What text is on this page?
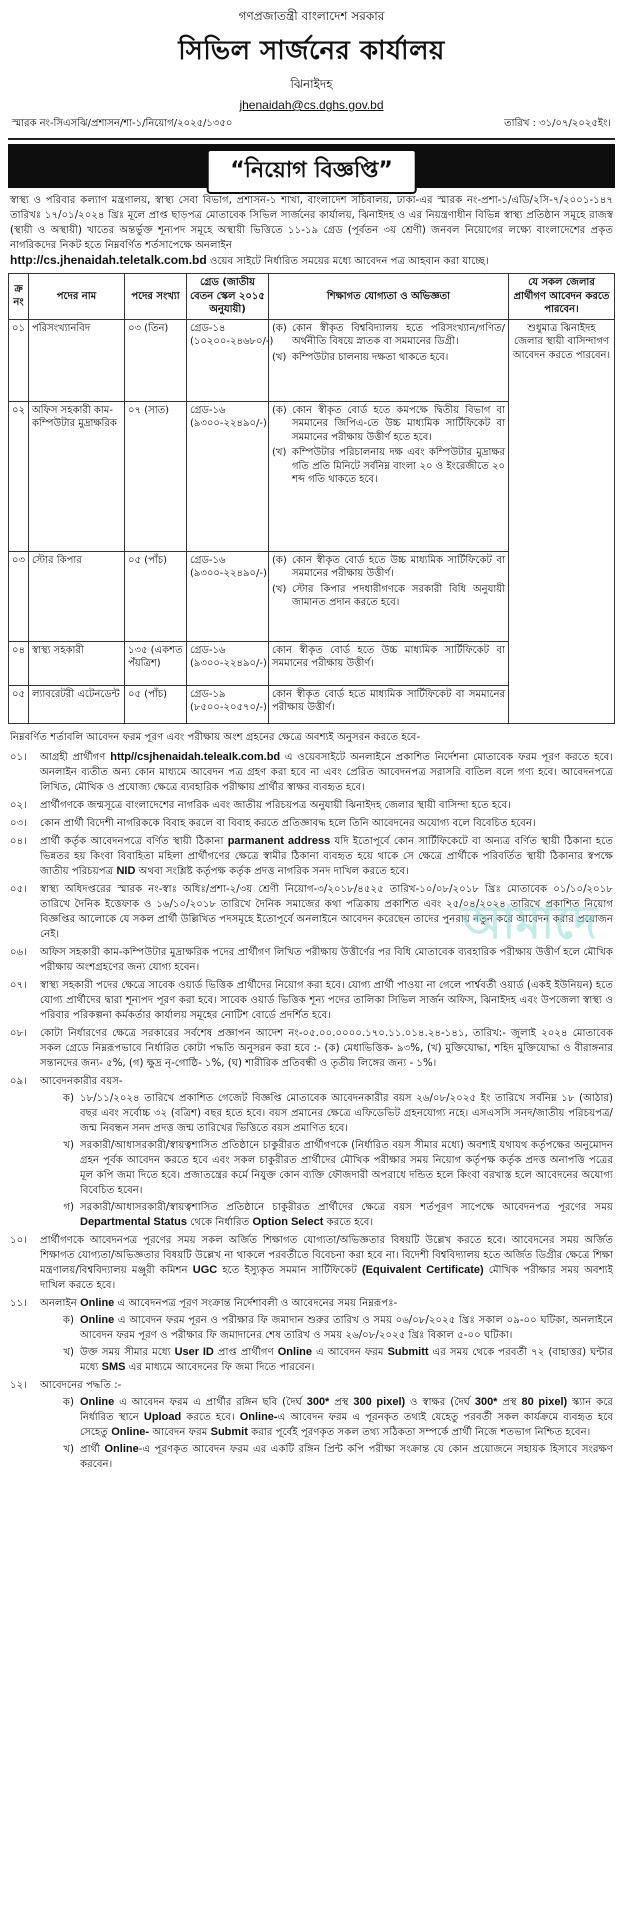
গণপ্রজাতন্ত্রী বাংলাদেশ সরকার
সিভিল সার্জনের কার্যালয়
ঝিনাইদহ
jhenaidah@cs.dghs.gov.bd
স্মারক নং-সিএসঝি/প্রশাসন/শা-১/নিয়োগ/২০২৫/১৩৫০	তারিখ : ৩১/০৭/২০২৫ইং।
“নিয়োগ বিজ্ঞপ্তি”
স্বাস্থ্য ও পরিবার কল্যাণ মন্ত্রণালয়, স্বাস্থ্য সেবা বিভাগ, প্রশাসন-১ শাখা, বাংলাদেশ সচিবালয়, ঢাকা-এর স্মারক নং-প্রশা-১/এডি/২সি-৭/২০০১-১৪৭ তারিখঃ ১৭/০১/২০২৪ খ্রিঃ মূলে প্রাপ্ত ছাড়পত্র মোতাবেক সিভিল সার্জনের কার্যালয়, ঝিনাইদহ ও এর নিয়ন্ত্রণাধীন বিভিন্ন স্বাস্থ্য প্রতিষ্ঠান সমূহে রাজস্ব (স্থায়ী ও অস্থায়ী) খাতের অন্তর্ভুক্ত শূন্যপদ সমূহে অস্থায়ী ভিত্তিতে ১১-১৯ গ্রেড (পূর্বতন ৩য় শ্রেণী) জনবল নিয়োগের লক্ষ্যে বাংলাদেশের প্রকৃত নাগরিকদের নিকট হতে নিম্নবর্ণিত শর্তসাপেক্ষে অনলাইন
http://cs.jhenaidah.teletalk.com.bd ওয়েব সাইটে নির্ধারিত সময়ের মধ্যে আবেদন পত্র আহবান করা যাচ্ছে।
ক্র নং	পদের নাম	পদের সংখ্যা	গ্রেড (জাতীয় বেতন স্কেল ২০১৫ অনুযায়ী)	শিক্ষাগত যোগ্যতা ও অভিজ্ঞতা	যে সকল জেলার প্রার্থীগণ আবেদন করতে পারবেন।
০১	পরিসংখ্যানবিদ	০৩ (তিন)	গ্রেড-১৪ (১০২০০-২৪৬৮০/-)	(ক) কোন স্বীকৃত বিশ্ববিদ্যালয় হতে পরিসংখ্যান/গণিত/ অর্থনীতি বিষয়ে স্নাতক বা সমমানের ডিগ্রী।
(খ) কম্পিউটার চালনায় দক্ষতা থাকতে হবে।	শুধুমাত্র ঝিনাইদহ জেলার স্থায়ী বাসিন্দাগণ আবেদন করতে পারবেন।
০২	অফিস সহকারী কাম-কম্পিউটার মুদ্রাক্ষরিক	০৭ (সাত)	গ্রেড-১৬ (৯৩০০-২২৪৯০/-)	(ক) কোন স্বীকৃত বোর্ড হতে কমপক্ষে দ্বিতীয় বিভাগ বা সমমানের জিপিএ-তে উচ্চ মাধ্যমিক সার্টিফিকেট বা সমমানের পরীক্ষায় উত্তীর্ণ হতে হবে।
(খ) কম্পিউটার পরিচালনায় দক্ষ এবং কম্পিউটার মুদ্রাক্ষর গতি প্রতি মিনিটে সর্বনিম্ন বাংলা ২০ ও ইংরেজীতে ২০ শব্দ গতি থাকতে হবে।	

০৩	স্টোর কিপার	০৫ (পাঁচ)	গ্রেড-১৬ (৯৩০০-২২৪৯০/-)	(ক) কোন স্বীকৃত বোর্ড হতে উচ্চ মাধ্যমিক সার্টিফিকেট বা সমমানের পরীক্ষায় উত্তীর্ণ।
(খ) স্টোর কিপার পদধারীগণকে সরকারী বিধি অনুযায়ী জামানত প্রদান করতে হবে।	

০৪	স্বাস্থ্য সহকারী	১৩৫ (একশত পঁয়ত্রিশ)	গ্রেড-১৬ (৯৩০০-২২৪৯০/-)	কোন স্বীকৃত বোর্ড হতে উচ্চ মাধ্যমিক সার্টিফিকেট বা সমমানের পরীক্ষায় উত্তীর্ণ।	

০৫	ল্যাবরেটরী এটেনডেন্ট	০৫ (পাঁচ)	গ্রেড-১৯ (৮৫০০-২০৫৭০/-)	কোন স্বীকৃত বোর্ড হতে মাধ্যমিক সার্টিফিকেট বা সমমানের পরীক্ষায় উত্তীর্ণ।	
নিম্নবর্ণিত শর্তাবলি আবেদন ফরম পূরণ এবং পরীক্ষায় অংশ গ্রহনের ক্ষেত্রে অবশ্যই অনুসরন করতে হবে-
০১।	আগ্রহী প্রার্থীগণ http//csjhenaidah.teleaIk.com.bd এ ওয়েবসাইটে অনলাইনে প্রকাশিত নির্দেশনা মোতাবেক ফরম পূরণ করতে হবে। অনলাইন ব্যতীত অন্য কোন মাধ্যমে আবেদন পত্র গ্রহণ করা হবে না এবং প্রেরিত আবেদনপত্র সরাসরি বাতিল বলে গণ্য হবে। আবেদনপত্রে লিখিত, মৌখিক ও প্রযোজ্য ক্ষেত্রে ব্যবহারিক পরীক্ষায় প্রার্থীর স্বাক্ষর ব্যবহৃত হবে।
০২।	প্রার্থীগণকে জন্মসূত্রে বাংলাদেশের নাগরিক এবং জাতীয় পরিচয়পত্র অনুযায়ী ঝিনাইদহ জেলার স্থায়ী বাসিন্দা হতে হবে।
০৩।	কোন প্রার্থী বিদেশী নাগরিককে বিবাহ করলে বা বিবাহ করতে প্রতিজ্ঞাবদ্ধ হলে তিনি আবেদনের অযোগ্য বলে বিবেচিত হবেন।
০৪।	প্রার্থী কর্তৃক আবেদনপত্রে বর্ণিত স্থায়ী ঠিকানা parmanent address যদি ইতোপূর্বে কোন সার্টিফিকেটে বা অন্যত্র বর্ণিত স্থায়ী ঠিকানা হতে ভিন্নতর হয় কিংবা বিবাহিতা মহিলা প্রার্থীগণের ক্ষেত্রে স্বামীর ঠিকানা ব্যবহৃত হয়ে থাকে সে ক্ষেত্রে প্রার্থীকে পরিবর্তিত স্থায়ী ঠিকানার স্বপক্ষে জাতীয় পরিচয়পত্র NID অথবা সংশ্লিষ্ট কর্তৃপক্ষ কর্তৃক প্রদত্ত নাগরিক সনদ দাখিল করতে হবে।
০৫।	স্বাস্থ্য অধিদপ্তরের স্মারক নং-স্বাঃ অধিঃ/প্রশা-২/৩য় শ্রেণী নিয়োগ-৩/২০১৮/৪৫২৫ তারিখ-১০/০৮/২০১৮ খ্রিঃ মোতাবেক ০১/১০/২০১৮ তারিখে দৈনিক ইত্তেফাক ও ১৬/১০/২০১৮ তারিখে দৈনিক সমাজের কথা পত্রিকায় প্রকাশিত এবং ২৫/০৪/২০২৪ তারিখে প্রকাশিত নিয়োগ বিজ্ঞপ্তির আলোকে যে সকল প্রার্থী উল্লিখিত পদসমূহে ইতোপূর্বে অনলাইনে আবেদন করেছেন তাদের পুনরায় নতুন করে আবেদন করার প্রয়োজন নেই।
০৬।	অফিস সহকারী কাম-কম্পিউটার মুদ্রাক্ষরিক পদের প্রার্থীগণ লিখিত পরীক্ষায় উত্তীর্ণের পর বিধি মোতাবেক ব্যবহারিক পরীক্ষায় উত্তীর্ণ হলে মৌখিক পরীক্ষায় অংশগ্রহণের জন্য যোগ্য হবেন।
০৭।	স্বাস্থ্য সহকারী পদের ক্ষেত্রে সাবেক ওয়ার্ড ভিত্তিক প্রার্থীদের নিয়োগ করা হবে। যোগ্য প্রার্থী পাওয়া না গেলে পার্শ্ববর্তী ওয়ার্ড (একই ইউনিয়ন) হতে যোগ্য প্রার্থীদের দ্বারা শূন্যপদ পূরণ করা হবে। সাবেক ওয়ার্ড ভিত্তিক শূন্য পদের তালিকা সিভিল সার্জন অফিস, ঝিনাইদহ এবং উপজেলা স্বাস্থ্য ও পরিবার পরিকল্পনা কর্মকর্তার কার্যালয় সমূহের নোটিশ বোর্ডে প্রদর্শিত হবে।
০৮।	কোটা নির্ধারণের ক্ষেত্রে সরকারের সর্বশেষ প্রজ্ঞাপন আদেশ নং-০৫.০০.০০০০.১৭০.১১.০১৪.২৪-১৪১, তারিখ:- জুলাই ২০২৪ মোতাবেক সকল গ্রেডে নিম্নরূপভাবে নির্ধারিত কোটা পদ্ধতি অনুসরন করা হবে :- (ক) মেধাভিত্তিক- ৯৩%, (খ) মুক্তিযোদ্ধা, শহিদ মুক্তিযোদ্ধা ও বীরাঙ্গনার সন্তানদের জন্য- ৫%, (গ) ক্ষুদ্র নৃ-গোষ্ঠি- ১%, (ঘ) শারীরিক প্রতিবন্ধী ও তৃতীয় লিঙ্গের জন্য - ১%।
০৯।	আবেদনকারীর বয়স-
ক) ১৮/১১/২০২৪ তারিখে প্রকাশিত গেজেট বিজ্ঞপ্তি মোতাবেক আবেদনকারীর বয়স ২৬/০৮/২০২৫ ইং তারিখে সর্বনিম্ন ১৮ (আঠার) বছর এবং সর্বোচ্চ ৩২ (বত্রিশ) বছর হতে হবে। বয়স প্রমানের ক্ষেত্রে এফিডেভিট গ্রহনযোগ্য নহে। এসএসসি সনদ/জাতীয় পরিচয়পত্র/জন্ম নিবন্ধন সনদ প্রদত্ত জন্ম তারিখের ভিত্তিতে বয়স প্রমাণিত হবে।
খ) সরকারী/আধাসরকারী/স্বায়ত্বশাসিত প্রতিষ্ঠানে চাকুরীরত প্রার্থীগণকে (নির্ধারিত বয়স সীমার মধ্যে) অবশ্যই যথাযথ কর্তৃপক্ষের অনুমোদন গ্রহন পূর্বক আবেদন করতে হবে এবং সকল চাকুরীরত প্রার্থীদের মৌখিক পরীক্ষার সময় নিয়োগ কর্তৃপক্ষ কর্তৃক প্রদত্ত অনাপত্তি পত্রের মূল কপি জমা দিতে হবে। প্রজাতন্ত্রের কর্মে নিযুক্ত কোন ব্যক্তি ফৌজদারী অপরাধে দন্ডিত হলে কিংবা বরখাস্ত হলে আবেদনের অযোগ্য বিবেচিত হবেন।
গ) সরকারী/আধাসরকারী/স্বায়ত্বশাসিত প্রতিষ্ঠানে চাকুরীরত প্রার্থীদের ক্ষেত্রে বয়স শর্তপূরণ সাপেক্ষে আবেদনপত্র পূরণের সময় Departmental Status থেকে নির্ধারিত Option Select করতে হবে।
১০।	প্রার্থীগণকে আবেদনপত্র পূরণের সময় সকল অর্জিত শিক্ষাগত যোগ্যতা/অভিজ্ঞতার বিষয়টি উল্লেখ করতে হবে। আবেদনের সময় অর্জিত শিক্ষাগত যোগ্যতা/অভিজ্ঞতার বিষয়টি উল্লেখ না থাকলে পরবর্তীতে বিবেচনা করা হবে না। বিদেশী বিশ্ববিদ্যালয় হতে অর্জিত ডিগ্রীর ক্ষেত্রে শিক্ষা মন্ত্রণালয়/বিশ্ববিদ্যালয় মঞ্জুরী কমিশন UGC হতে ইস্যুকৃত সমমান সার্টিফিকেট (Equivalent Certificate) মৌখিক পরীক্ষার সময় অবশ্যই দাখিল করতে হবে।
১১।	অনলাইন Online এ আবেদনপত্র পূরণ সংক্রান্ত নির্দেশাবলী ও আবেদনের সময় নিম্নরূপঃ-
ক) Online এ আবেদন ফরম পূরন ও পরীক্ষার ফি জমাদান শুরুর তারিখ ও সময় ০৬/০৮/২০২৫ খ্রিঃ সকাল ০৯-০০ ঘটিকা, অনলাইনে আবেদন ফরম পূরণ ও পরীক্ষার ফি জমাদানের শেষ তারিখ ও সময় ২৬/০৮/২০২৫ খ্রিঃ বিকাল ৫-০০ ঘটিকা।
খ) উক্ত সময় সীমার মধ্যে User ID প্রাপ্ত প্রার্থীগণ Online এ আবেদন ফরম Submitt এর সময় থেকে পরবর্তী ৭২ (বাহাত্তর) ঘন্টার মধ্যে SMS এর মাধ্যমে আবেদনের ফি জমা দিতে পারবেন।
১২।	আবেদনের পদ্ধতি :-
ক) Online এ আবেদন ফরম এ প্রার্থীর রঙ্গিন ছবি (দৈর্ঘ 300* প্রস্থ 300 pixel) ও স্বাক্ষর (দৈর্ঘ 300* প্রস্থ 80 pixel) স্ক্যান করে নির্ধারিত স্থানে Upload করতে হবে। Online-এ আবেদন ফরম এ পূরনকৃত তথ্যই যেহেতু পরবর্তী সকল কার্যক্রমে ব্যবহৃত হবে সেহেতু Online- আবেদন ফরম Submit করার পূর্বেই পূরণকৃত সকল তথ্য সঠিকতা সম্পর্কে প্রার্থী নিজে শতভাগ নিশ্চিত হবেন।
খ) প্রার্থী Online-এ পূরণকৃত আবেদন ফরম এর একটি রঙ্গিন প্রিন্ট কপি পরীক্ষা সংক্রান্ত যে কোন প্রয়োজনে সহায়ক হিসাবে সংরক্ষণ করবেন।
আমাদে
